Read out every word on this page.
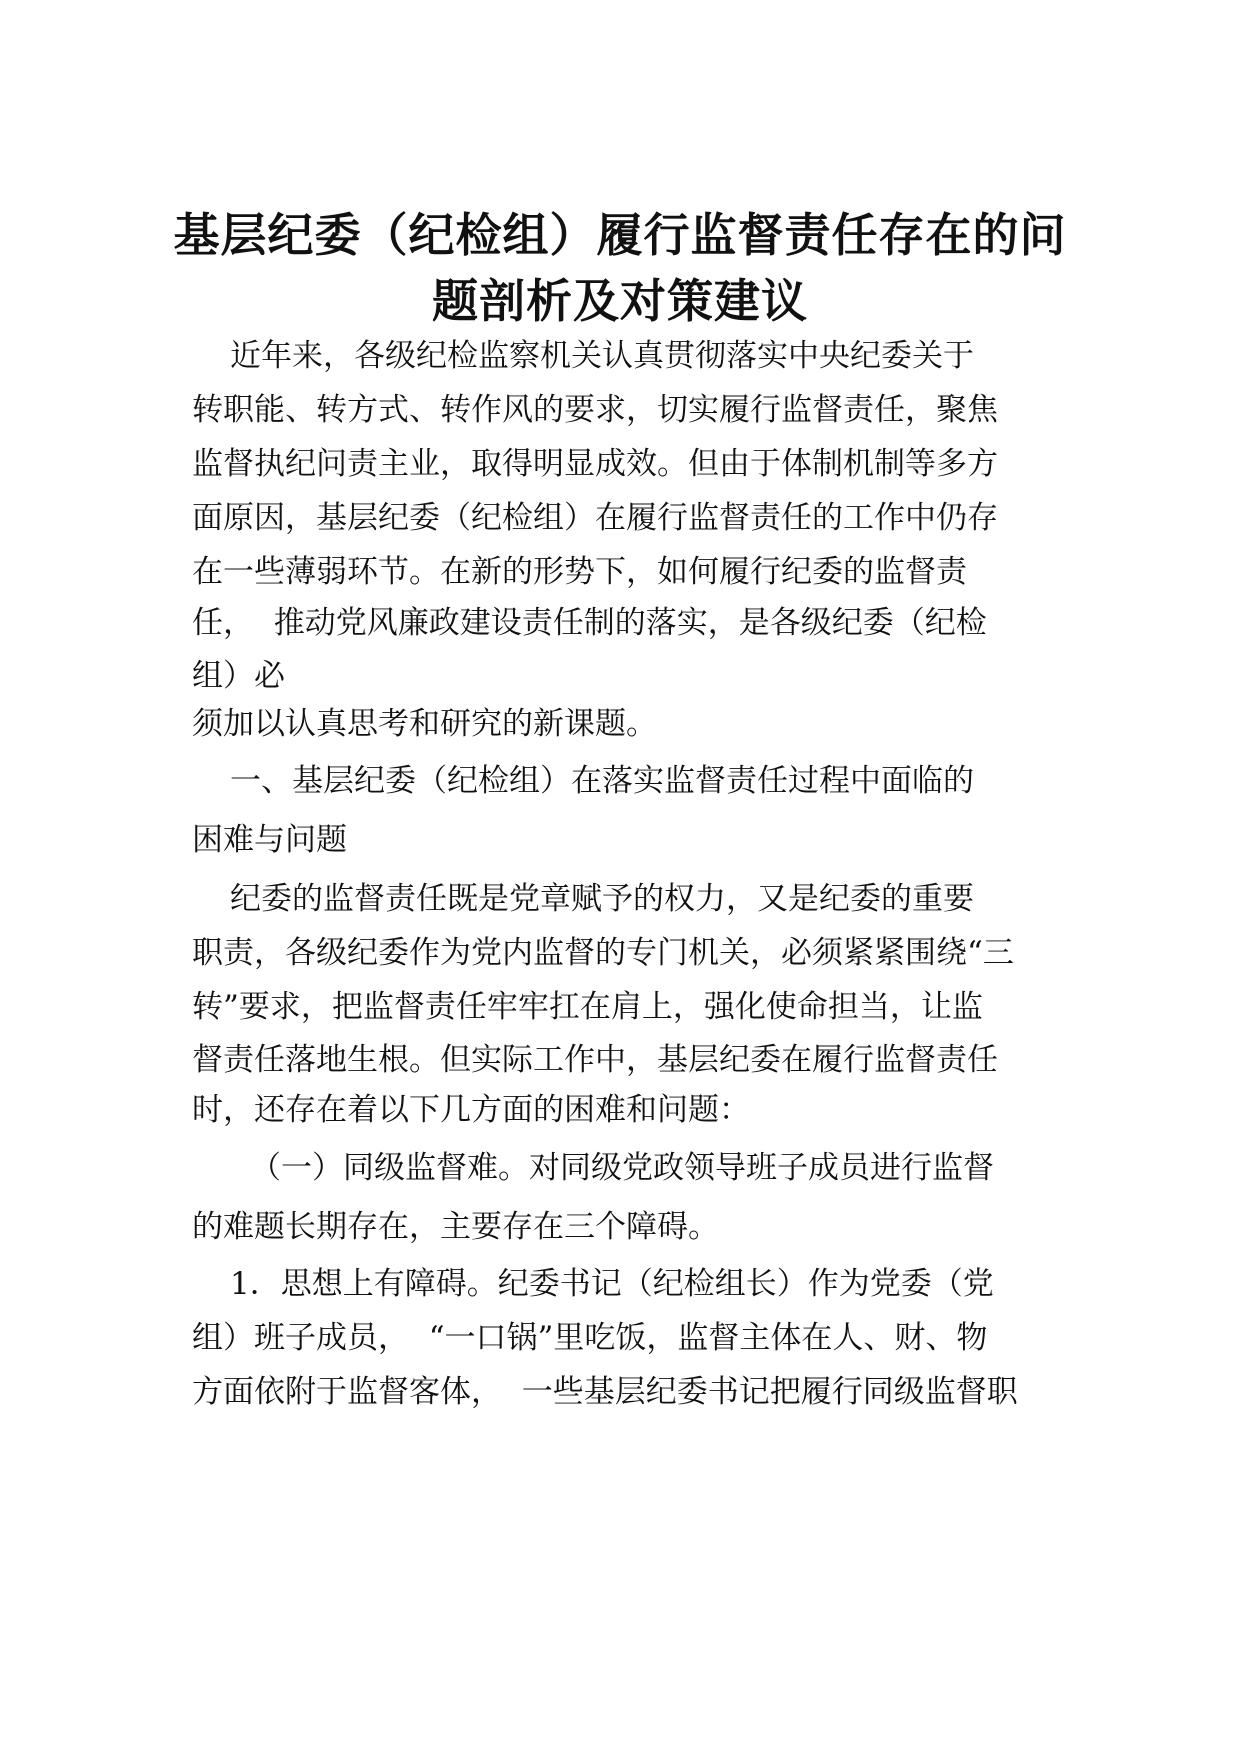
基层纪委（纪检组）履行监督责任存在的问
题剖析及对策建议

近年来，各级纪检监察机关认真贯彻落实中央纪委关于

转职能、转方式、转作风的要求，切实履行监督责任，聚焦

监督执纪问责主业，取得明显成效。但由于体制机制等多方

面原因，基层纪委（纪检组）在履行监督责任的工作中仍存

在一些薄弱环节。在新的形势下，如何履行纪委的监督责

任，  推动党风廉政建设责任制的落实，是各级纪委（纪检

组）必

须加以认真思考和研究的新课题。

一、基层纪委（纪检组）在落实监督责任过程中面临的

困难与问题

纪委的监督责任既是党章赋予的权力，又是纪委的重要

职责，各级纪委作为党内监督的专门机关，必须紧紧围绕“三

转”要求，把监督责任牢牢扛在肩上，强化使命担当，让监

督责任落地生根。但实际工作中，基层纪委在履行监督责任

时，还存在着以下几方面的困难和问题：

（一）同级监督难。对同级党政领导班子成员进行监督

的难题长期存在，主要存在三个障碍。

1．思想上有障碍。纪委书记（纪检组长）作为党委（党

组）班子成员，  “一口锅”里吃饭，监督主体在人、财、物

方面依附于监督客体，  一些基层纪委书记把履行同级监督职
